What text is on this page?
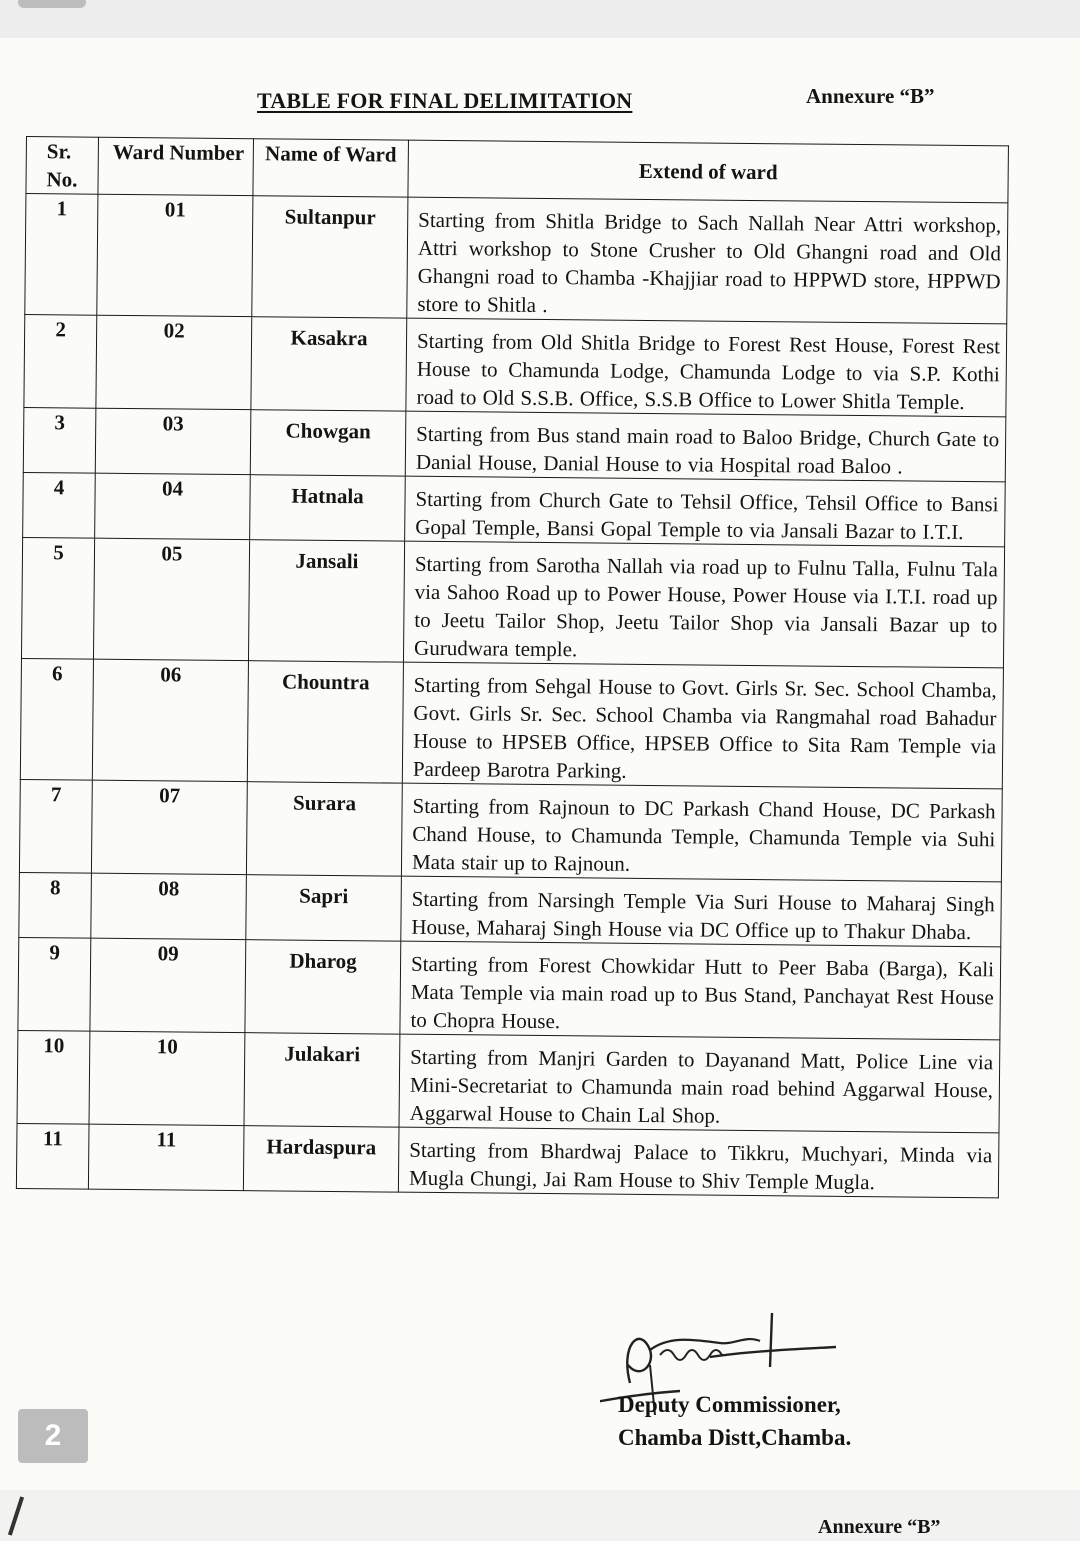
TABLE FOR FINAL DELIMITATION	Annexure “B”
Sr. No.	Ward Number	Name of Ward	Extend of ward
1	01	Sultanpur	Starting from Shitla Bridge to Sach Nallah Near Attri workshop, Attri workshop to Stone Crusher to Old Ghangni road and Old Ghangni road to Chamba -Khajjiar road to HPPWD store, HPPWD store to Shitla .
2	02	Kasakra	Starting from Old Shitla Bridge to Forest Rest House, Forest Rest House to Chamunda Lodge, Chamunda Lodge to via S.P. Kothi road to Old S.S.B. Office, S.S.B Office to Lower Shitla Temple.
3	03	Chowgan	Starting from Bus stand main road to Baloo Bridge, Church Gate to Danial House, Danial House to via Hospital road Baloo .
4	04	Hatnala	Starting from Church Gate to Tehsil Office, Tehsil Office to Bansi Gopal Temple, Bansi Gopal Temple to via Jansali Bazar to I.T.I.
5	05	Jansali	Starting from Sarotha Nallah via road up to Fulnu Talla, Fulnu Tala via Sahoo Road up to Power House, Power House via I.T.I. road up to Jeetu Tailor Shop, Jeetu Tailor Shop via Jansali Bazar up to Gurudwara temple.
6	06	Chountra	Starting from Sehgal House to Govt. Girls Sr. Sec. School Chamba, Govt. Girls Sr. Sec. School Chamba via Rangmahal road Bahadur House to HPSEB Office, HPSEB Office to Sita Ram Temple via Pardeep Barotra Parking.
7	07	Surara	Starting from Rajnoun to DC Parkash Chand House, DC Parkash Chand House, to Chamunda Temple, Chamunda Temple via Suhi Mata stair up to Rajnoun.
8	08	Sapri	Starting from Narsingh Temple Via Suri House to Maharaj Singh House, Maharaj Singh House via DC Office up to Thakur Dhaba.
9	09	Dharog	Starting from Forest Chowkidar Hutt to Peer Baba (Barga), Kali Mata Temple via main road up to Bus Stand, Panchayat Rest House to Chopra House.
10	10	Julakari	Starting from Manjri Garden to Dayanand Matt, Police Line via Mini-Secretariat to Chamunda main road behind Aggarwal House, Aggarwal House to Chain Lal Shop.
11	11	Hardaspura	Starting from Bhardwaj Palace to Tikkru, Muchyari, Minda via Mugla Chungi, Jai Ram House to Shiv Temple Mugla.
Deputy Commissioner,
Chamba Distt,Chamba.
2
Annexure “B”
